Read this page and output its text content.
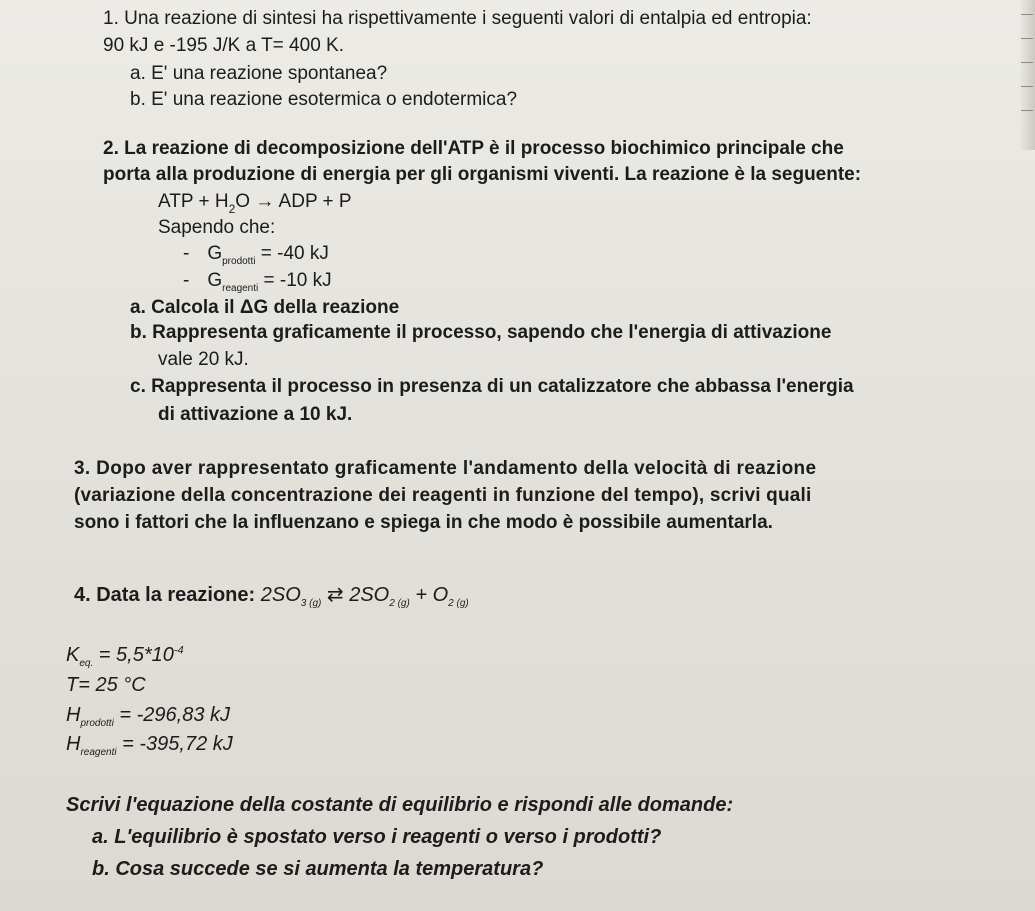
1. Una reazione di sintesi ha rispettivamente i seguenti valori di entalpia ed entropia:
90 kJ e -195 J/K a T= 400 K.
a. E' una reazione spontanea?
b. E' una reazione esotermica o endotermica?
2. La reazione di decomposizione dell'ATP è il processo biochimico principale che
porta alla produzione di energia per gli organismi viventi. La reazione è la seguente:
ATP + $H_2O$ → ADP + P
Sapendo che:
- $G_{prodotti} = -40$ kJ
- $G_{reagenti} = -10$ kJ
a. Calcola il ΔG della reazione
b. Rappresenta graficamente il processo, sapendo che l'energia di attivazione
vale 20 kJ.
c. Rappresenta il processo in presenza di un catalizzatore che abbassa l'energia
di attivazione a 10 kJ.
3. Dopo aver rappresentato graficamente l'andamento della velocità di reazione
(variazione della concentrazione dei reagenti in funzione del tempo), scrivi quali
sono i fattori che la influenzano e spiega in che modo è possibile aumentarla.
4. Data la reazione: $2SO_{3 (g)}$ ⇄ $2SO_{2 (g)} + O_{2 (g)}$
$K_{eq.} = 5,5*10^{-4}$
T= 25 °C
$H_{prodotti} = -296,83$ kJ
$H_{reagenti} = -395,72$ kJ
Scrivi l'equazione della costante di equilibrio e rispondi alle domande:
a. L'equilibrio è spostato verso i reagenti o verso i prodotti?
b. Cosa succede se si aumenta la temperatura?
